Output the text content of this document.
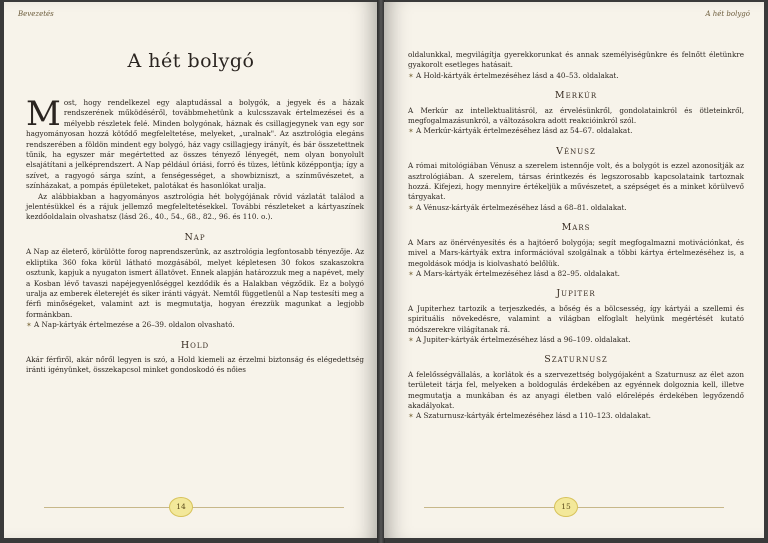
Bevezetés
A hét bolygó

Most, hogy rendelkezel egy alaptudással a bolygók, a jegyek és a házak rendszerének működéséről, továbbmehetünk a kulcsszavak értelmezései és a mélyebb részletek felé. Minden bolygónak, háznak és csillagjegynek van egy sor hagyományosan hozzá kötődő megfeleltetése, melyeket, „uralnak". Az asztrológia elegáns rendszerében a földön mindent egy bolygó, ház vagy csillagjegy irányít, és bár összetettnek tűnik, ha egyszer már megértetted az összes tényező lényegét, nem olyan bonyolult elsajátítani a jelképrendszert. A Nap például óriási, forró és tüzes, létünk középpontja; így a szívet, a ragyogó sárga színt, a fenségességet, a showbizniszt, a színművészetet, a színházakat, a pompás épületeket, palotákat és hasonlókat uralja.

Az alábbiakban a hagyományos asztrológia hét bolygójának rövid vázlatát találod a jelentésükkel és a rájuk jellemző megfeleltetésekkel. További részleteket a kártyaszínek kezdőoldalain olvashatsz (lásd 26., 40., 54., 68., 82., 96. és 110. o.).

Nap

A Nap az életerő, körülötte forog naprendszerünk, az asztrológia legfontosabb tényezője. Az ekliptika 360 foka körül látható mozgásából, melyet képletesen 30 fokos szakaszokra osztunk, kapjuk a nyugaton ismert állatövet. Ennek alapján határozzuk meg a napévet, mely a Kosban lévő tavaszi napéjegyenlőséggel kezdődik és a Halakban végződik. Ez a bolygó uralja az emberek életerejét és siker iránti vágyát. Nemtől függetlenül a Nap testesíti meg a férfi minőségeket, valamint azt is megmutatja, hogyan érezzük magunkat a legjobb formánkban.

✶ A Nap-kártyák értelmezése a 26–39. oldalon olvasható.

Hold

Akár férfiről, akár nőről legyen is szó, a Hold kiemeli az érzelmi biztonság és elégedettség iránti igényünket, összekapcsol minket gondoskodó és nőies

14
A hét bolygó

oldalunkkal, megvilágítja gyerekkorunkat és annak személyiségünkre és felnőtt életünkre gyakorolt esetleges hatásait.

✶ A Hold-kártyák értelmezéséhez lásd a 40–53. oldalakat.

Merkúr

A Merkúr az intellektualitásról, az érvelésünkről, gondolatainkról és ötleteinkről, megfogalmazásunkról, a változásokra adott reakcióinkról szól.

✶ A Merkúr-kártyák értelmezéséhez lásd az 54–67. oldalakat.

Vénusz

A római mitológiában Vénusz a szerelem istennője volt, és a bolygót is ezzel azonosítják az asztrológiában. A szerelem, társas érintkezés és legszorosabb kapcsolataink tartoznak hozzá. Kifejezi, hogy mennyire értékeljük a művészetet, a szépséget és a minket körülvevő tárgyakat.

✶ A Vénusz-kártyák értelmezéséhez lásd a 68–81. oldalakat.

Mars

A Mars az önérvényesítés és a hajtóerő bolygója; segít megfogalmazni motivációnkat, és mivel a Mars-kártyák extra információval szolgálnak a többi kártya értelmezéséhez is, a megoldások módja is kiolvasható belőlük.

✶ A Mars-kártyák értelmezéséhez lásd a 82–95. oldalakat.

Jupiter

A Jupiterhez tartozik a terjeszkedés, a bőség és a bölcsesség, így kártyái a szellemi és spirituális növekedésre, valamint a világban elfoglalt helyünk megértését kutató módszerekre világítanak rá.

✶ A Jupiter-kártyák értelmezéséhez lásd a 96–109. oldalakat.

Szaturnusz

A felelősségvállalás, a korlátok és a szervezettség bolygójaként a Szaturnusz az élet azon területeit tárja fel, melyeken a boldogulás érdekében az egyénnek dolgoznia kell, illetve megmutatja a munkában és az anyagi életben való előrelépés érdekében legyőzendő akadályokat.

✶ A Szaturnusz-kártyák értelmezéséhez lásd a 110–123. oldalakat.

15
